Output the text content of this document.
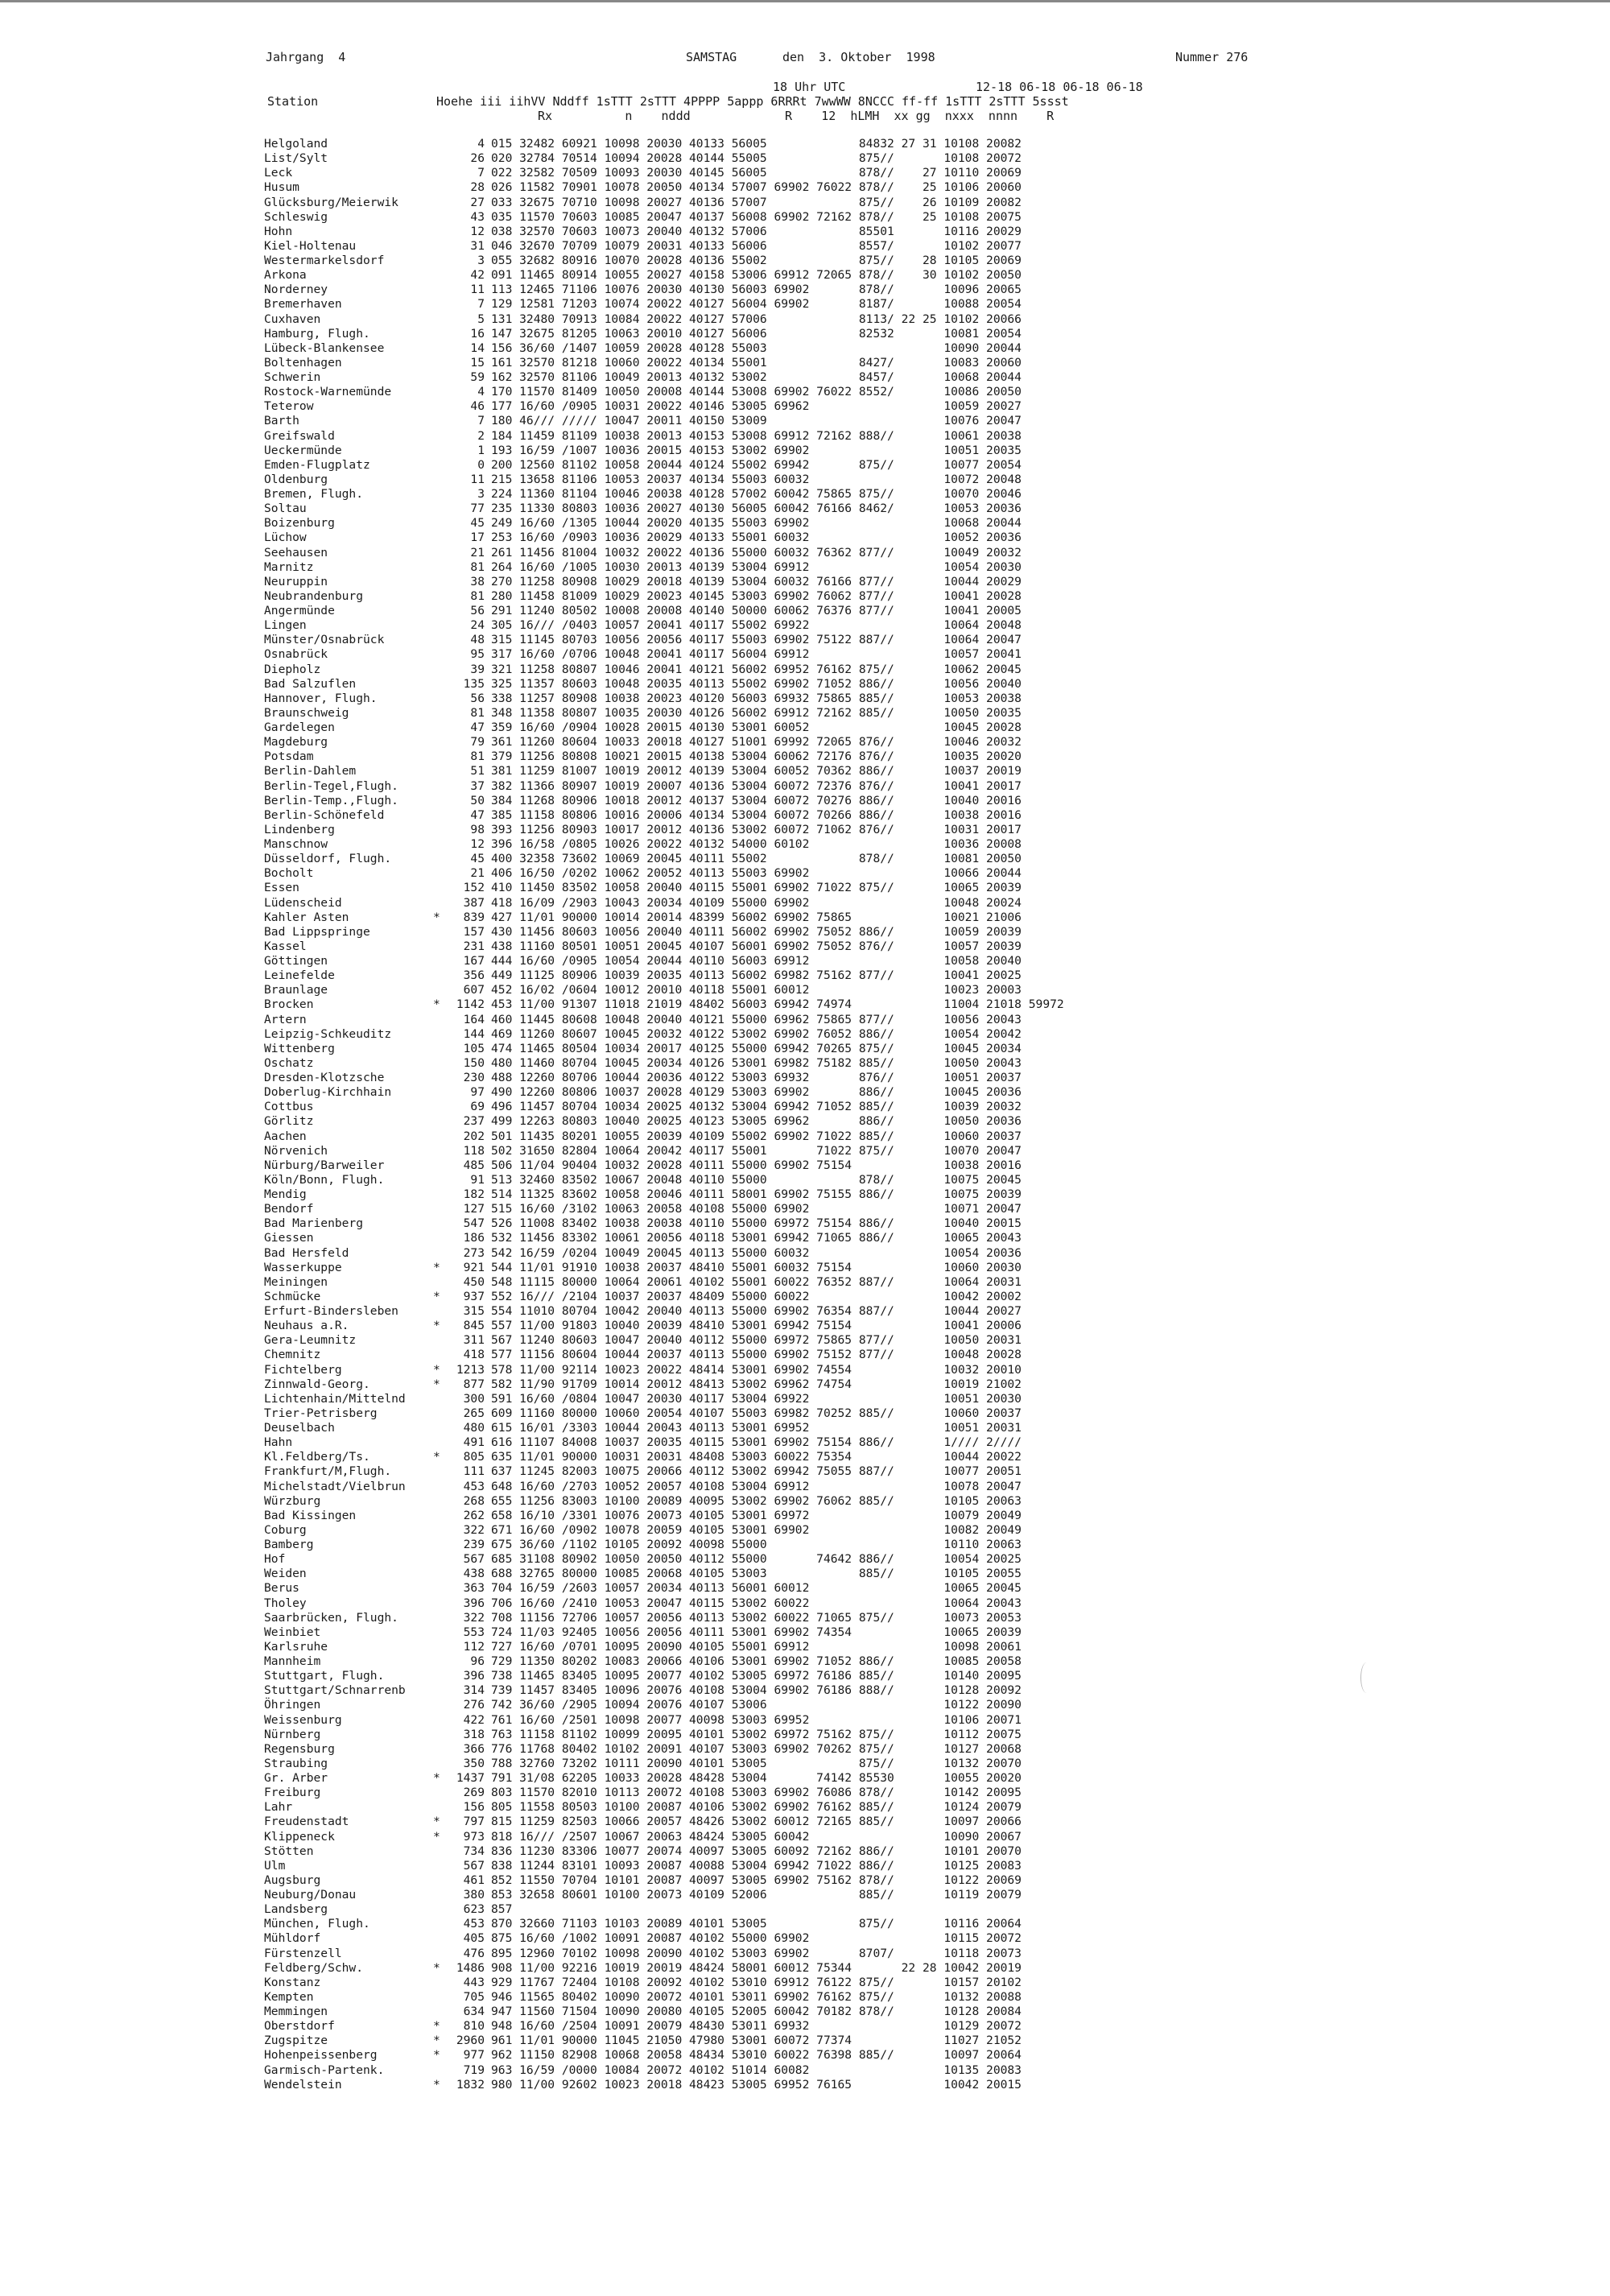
Jahrgang  4	SAMSTAG	den  3. Oktober  1998	Nummer 276
18 Uhr UTC	12-18 06-18 06-18 06-18
Station	Hoehe iii iihVV Nddff 1sTTT 2sTTT 4PPPP 5appp 6RRRt 7wwWW 8NCCC ff-ff 1sTTT 2sTTT 5ssst
Rx          n    nddd             R    12  hLMH  xx gg  nxxx  nnnn    R
Helgoland		4	015 32482 60921 10098 20030 40133 56005             84832 27 31 10108 20082
List/Sylt		26	020 32784 70514 10094 20028 40144 55005             875//       10108 20072
Leck		7	022 32582 70509 10093 20030 40145 56005             878//    27 10110 20069
Husum		28	026 11582 70901 10078 20050 40134 57007 69902 76022 878//    25 10106 20060
Glücksburg/Meierwik		27	033 32675 70710 10098 20027 40136 57007             875//    26 10109 20082
Schleswig		43	035 11570 70603 10085 20047 40137 56008 69902 72162 878//    25 10108 20075
Hohn		12	038 32570 70603 10073 20040 40132 57006             85501       10116 20029
Kiel-Holtenau		31	046 32670 70709 10079 20031 40133 56006             8557/       10102 20077
Westermarkelsdorf		3	055 32682 80916 10070 20028 40136 55002             875//    28 10105 20069
Arkona		42	091 11465 80914 10055 20027 40158 53006 69912 72065 878//    30 10102 20050
Norderney		11	113 12465 71106 10076 20030 40130 56003 69902       878//       10096 20065
Bremerhaven		7	129 12581 71203 10074 20022 40127 56004 69902       8187/       10088 20054
Cuxhaven		5	131 32480 70913 10084 20022 40127 57006             8113/ 22 25 10102 20066
Hamburg, Flugh.		16	147 32675 81205 10063 20010 40127 56006             82532       10081 20054
Lübeck-Blankensee		14	156 36/60 /1407 10059 20028 40128 55003                         10090 20044
Boltenhagen		15	161 32570 81218 10060 20022 40134 55001             8427/       10083 20060
Schwerin		59	162 32570 81106 10049 20013 40132 53002             8457/       10068 20044
Rostock-Warnemünde		4	170 11570 81409 10050 20008 40144 53008 69902 76022 8552/       10086 20050
Teterow		46	177 16/60 /0905 10031 20022 40146 53005 69962                   10059 20027
Barth		7	180 46/// ///// 10047 20011 40150 53009                         10076 20047
Greifswald		2	184 11459 81109 10038 20013 40153 53008 69912 72162 888//       10061 20038
Ueckermünde		1	193 16/59 /1007 10036 20015 40153 53002 69902                   10051 20035
Emden-Flugplatz		0	200 12560 81102 10058 20044 40124 55002 69942       875//       10077 20054
Oldenburg		11	215 13658 81106 10053 20037 40134 55003 60032                   10072 20048
Bremen, Flugh.		3	224 11360 81104 10046 20038 40128 57002 60042 75865 875//       10070 20046
Soltau		77	235 11330 80803 10036 20027 40130 56005 60042 76166 8462/       10053 20036
Boizenburg		45	249 16/60 /1305 10044 20020 40135 55003 69902                   10068 20044
Lüchow		17	253 16/60 /0903 10036 20029 40133 55001 60032                   10052 20036
Seehausen		21	261 11456 81004 10032 20022 40136 55000 60032 76362 877//       10049 20032
Marnitz		81	264 16/60 /1005 10030 20013 40139 53004 69912                   10054 20030
Neuruppin		38	270 11258 80908 10029 20018 40139 53004 60032 76166 877//       10044 20029
Neubrandenburg		81	280 11458 81009 10029 20023 40145 53003 69902 76062 877//       10041 20028
Angermünde		56	291 11240 80502 10008 20008 40140 50000 60062 76376 877//       10041 20005
Lingen		24	305 16/// /0403 10057 20041 40117 55002 69922                   10064 20048
Münster/Osnabrück		48	315 11145 80703 10056 20056 40117 55003 69902 75122 887//       10064 20047
Osnabrück		95	317 16/60 /0706 10048 20041 40117 56004 69912                   10057 20041
Diepholz		39	321 11258 80807 10046 20041 40121 56002 69952 76162 875//       10062 20045
Bad Salzuflen		135	325 11357 80603 10048 20035 40113 55002 69902 71052 886//       10056 20040
Hannover, Flugh.		56	338 11257 80908 10038 20023 40120 56003 69932 75865 885//       10053 20038
Braunschweig		81	348 11358 80807 10035 20030 40126 56002 69912 72162 885//       10050 20035
Gardelegen		47	359 16/60 /0904 10028 20015 40130 53001 60052                   10045 20028
Magdeburg		79	361 11260 80604 10033 20018 40127 51001 69992 72065 876//       10046 20032
Potsdam		81	379 11256 80808 10021 20015 40138 53004 60062 72176 876//       10035 20020
Berlin-Dahlem		51	381 11259 81007 10019 20012 40139 53004 60052 70362 886//       10037 20019
Berlin-Tegel,Flugh.		37	382 11366 80907 10019 20007 40136 53004 60072 72376 876//       10041 20017
Berlin-Temp.,Flugh.		50	384 11268 80906 10018 20012 40137 53004 60072 70276 886//       10040 20016
Berlin-Schönefeld		47	385 11158 80806 10016 20006 40134 53004 60072 70266 886//       10038 20016
Lindenberg		98	393 11256 80903 10017 20012 40136 53002 60072 71062 876//       10031 20017
Manschnow		12	396 16/58 /0805 10026 20022 40132 54000 60102                   10036 20008
Düsseldorf, Flugh.		45	400 32358 73602 10069 20045 40111 55002             878//       10081 20050
Bocholt		21	406 16/50 /0202 10062 20052 40113 55003 69902                   10066 20044
Essen		152	410 11450 83502 10058 20040 40115 55001 69902 71022 875//       10065 20039
Lüdenscheid		387	418 16/09 /2903 10043 20034 40109 55000 69902                   10048 20024
Kahler Asten	*	839	427 11/01 90000 10014 20014 48399 56002 69902 75865             10021 21006
Bad Lippspringe		157	430 11456 80603 10056 20040 40111 56002 69902 75052 886//       10059 20039
Kassel		231	438 11160 80501 10051 20045 40107 56001 69902 75052 876//       10057 20039
Göttingen		167	444 16/60 /0905 10054 20044 40110 56003 69912                   10058 20040
Leinefelde		356	449 11125 80906 10039 20035 40113 56002 69982 75162 877//       10041 20025
Braunlage		607	452 16/02 /0604 10012 20010 40118 55001 60012                   10023 20003
Brocken	*	1142	453 11/00 91307 11018 21019 48402 56003 69942 74974             11004 21018 59972
Artern		164	460 11445 80608 10048 20040 40121 55000 69962 75865 877//       10056 20043
Leipzig-Schkeuditz		144	469 11260 80607 10045 20032 40122 53002 69902 76052 886//       10054 20042
Wittenberg		105	474 11465 80504 10034 20017 40125 55000 69942 70265 875//       10045 20034
Oschatz		150	480 11460 80704 10045 20034 40126 53001 69982 75182 885//       10050 20043
Dresden-Klotzsche		230	488 12260 80706 10044 20036 40122 53003 69932       876//       10051 20037
Doberlug-Kirchhain		97	490 12260 80806 10037 20028 40129 53003 69902       886//       10045 20036
Cottbus		69	496 11457 80704 10034 20025 40132 53004 69942 71052 885//       10039 20032
Görlitz		237	499 12263 80803 10040 20025 40123 53005 69962       886//       10050 20036
Aachen		202	501 11435 80201 10055 20039 40109 55002 69902 71022 885//       10060 20037
Nörvenich		118	502 31650 82804 10064 20042 40117 55001       71022 875//       10070 20047
Nürburg/Barweiler		485	506 11/04 90404 10032 20028 40111 55000 69902 75154             10038 20016
Köln/Bonn, Flugh.		91	513 32460 83502 10067 20048 40110 55000             878//       10075 20045
Mendig		182	514 11325 83602 10058 20046 40111 58001 69902 75155 886//       10075 20039
Bendorf		127	515 16/60 /3102 10063 20058 40108 55000 69902                   10071 20047
Bad Marienberg		547	526 11008 83402 10038 20038 40110 55000 69972 75154 886//       10040 20015
Giessen		186	532 11456 83302 10061 20056 40118 53001 69942 71065 886//       10065 20043
Bad Hersfeld		273	542 16/59 /0204 10049 20045 40113 55000 60032                   10054 20036
Wasserkuppe	*	921	544 11/01 91910 10038 20037 48410 55001 60032 75154             10060 20030
Meiningen		450	548 11115 80000 10064 20061 40102 55001 60022 76352 887//       10064 20031
Schmücke	*	937	552 16/// /2104 10037 20037 48409 55000 60022                   10042 20002
Erfurt-Bindersleben		315	554 11010 80704 10042 20040 40113 55000 69902 76354 887//       10044 20027
Neuhaus a.R.	*	845	557 11/00 91803 10040 20039 48410 53001 69942 75154             10041 20006
Gera-Leumnitz		311	567 11240 80603 10047 20040 40112 55000 69972 75865 877//       10050 20031
Chemnitz		418	577 11156 80604 10044 20037 40113 55000 69902 75152 877//       10048 20028
Fichtelberg	*	1213	578 11/00 92114 10023 20022 48414 53001 69902 74554             10032 20010
Zinnwald-Georg.	*	877	582 11/90 91709 10014 20012 48413 53002 69962 74754             10019 21002
Lichtenhain/Mittelnd		300	591 16/60 /0804 10047 20030 40117 53004 69922                   10051 20030
Trier-Petrisberg		265	609 11160 80000 10060 20054 40107 55003 69982 70252 885//       10060 20037
Deuselbach		480	615 16/01 /3303 10044 20043 40113 53001 69952                   10051 20031
Hahn		491	616 11107 84008 10037 20035 40115 53001 69902 75154 886//       1//// 2////
Kl.Feldberg/Ts.	*	805	635 11/01 90000 10031 20031 48408 53003 60022 75354             10044 20022
Frankfurt/M,Flugh.		111	637 11245 82003 10075 20066 40112 53002 69942 75055 887//       10077 20051
Michelstadt/Vielbrun		453	648 16/60 /2703 10052 20057 40108 53004 69912                   10078 20047
Würzburg		268	655 11256 83003 10100 20089 40095 53002 69902 76062 885//       10105 20063
Bad Kissingen		262	658 16/10 /3301 10076 20073 40105 53001 69972                   10079 20049
Coburg		322	671 16/60 /0902 10078 20059 40105 53001 69902                   10082 20049
Bamberg		239	675 36/60 /1102 10105 20092 40098 55000                         10110 20063
Hof		567	685 31108 80902 10050 20050 40112 55000       74642 886//       10054 20025
Weiden		438	688 32765 80000 10085 20068 40105 53003             885//       10105 20055
Berus		363	704 16/59 /2603 10057 20034 40113 56001 60012                   10065 20045
Tholey		396	706 16/60 /2410 10053 20047 40115 53002 60022                   10064 20043
Saarbrücken, Flugh.		322	708 11156 72706 10057 20056 40113 53002 60022 71065 875//       10073 20053
Weinbiet		553	724 11/03 92405 10056 20056 40111 53001 69902 74354             10065 20039
Karlsruhe		112	727 16/60 /0701 10095 20090 40105 55001 69912                   10098 20061
Mannheim		96	729 11350 80202 10083 20066 40106 53001 69902 71052 886//       10085 20058
Stuttgart, Flugh.		396	738 11465 83405 10095 20077 40102 53005 69972 76186 885//       10140 20095
Stuttgart/Schnarrenb		314	739 11457 83405 10096 20076 40108 53004 69902 76186 888//       10128 20092
Öhringen		276	742 36/60 /2905 10094 20076 40107 53006                         10122 20090
Weissenburg		422	761 16/60 /2501 10098 20077 40098 53003 69952                   10106 20071
Nürnberg		318	763 11158 81102 10099 20095 40101 53002 69972 75162 875//       10112 20075
Regensburg		366	776 11768 80402 10102 20091 40107 53003 69902 70262 875//       10127 20068
Straubing		350	788 32760 73202 10111 20090 40101 53005             875//       10132 20070
Gr. Arber	*	1437	791 31/08 62205 10033 20028 48428 53004       74142 85530       10055 20020
Freiburg		269	803 11570 82010 10113 20072 40108 53003 69902 76086 878//       10142 20095
Lahr		156	805 11558 80503 10100 20087 40106 53002 69902 76162 885//       10124 20079
Freudenstadt	*	797	815 11259 82503 10066 20057 48426 53002 60012 72165 885//       10097 20066
Klippeneck	*	973	818 16/// /2507 10067 20063 48424 53005 60042                   10090 20067
Stötten		734	836 11230 83306 10077 20074 40097 53005 60092 72162 886//       10101 20070
Ulm		567	838 11244 83101 10093 20087 40088 53004 69942 71022 886//       10125 20083
Augsburg		461	852 11550 70704 10101 20087 40097 53005 69902 75162 878//       10122 20069
Neuburg/Donau		380	853 32658 80601 10100 20073 40109 52006             885//       10119 20079
Landsberg		623	857
München, Flugh.		453	870 32660 71103 10103 20089 40101 53005             875//       10116 20064
Mühldorf		405	875 16/60 /1002 10091 20087 40102 55000 69902                   10115 20072
Fürstenzell		476	895 12960 70102 10098 20090 40102 53003 69902       8707/       10118 20073
Feldberg/Schw.	*	1486	908 11/00 92216 10019 20019 48424 58001 60012 75344       22 28 10042 20019
Konstanz		443	929 11767 72404 10108 20092 40102 53010 69912 76122 875//       10157 20102
Kempten		705	946 11565 80402 10090 20072 40101 53011 69902 76162 875//       10132 20088
Memmingen		634	947 11560 71504 10090 20080 40105 52005 60042 70182 878//       10128 20084
Oberstdorf	*	810	948 16/60 /2504 10091 20079 48430 53011 69932                   10129 20072
Zugspitze	*	2960	961 11/01 90000 11045 21050 47980 53001 60072 77374             11027 21052
Hohenpeissenberg	*	977	962 11150 82908 10068 20058 48434 53010 60022 76398 885//       10097 20064
Garmisch-Partenk.		719	963 16/59 /0000 10084 20072 40102 51014 60082                   10135 20083
Wendelstein	*	1832	980 11/00 92602 10023 20018 48423 53005 69952 76165             10042 20015
